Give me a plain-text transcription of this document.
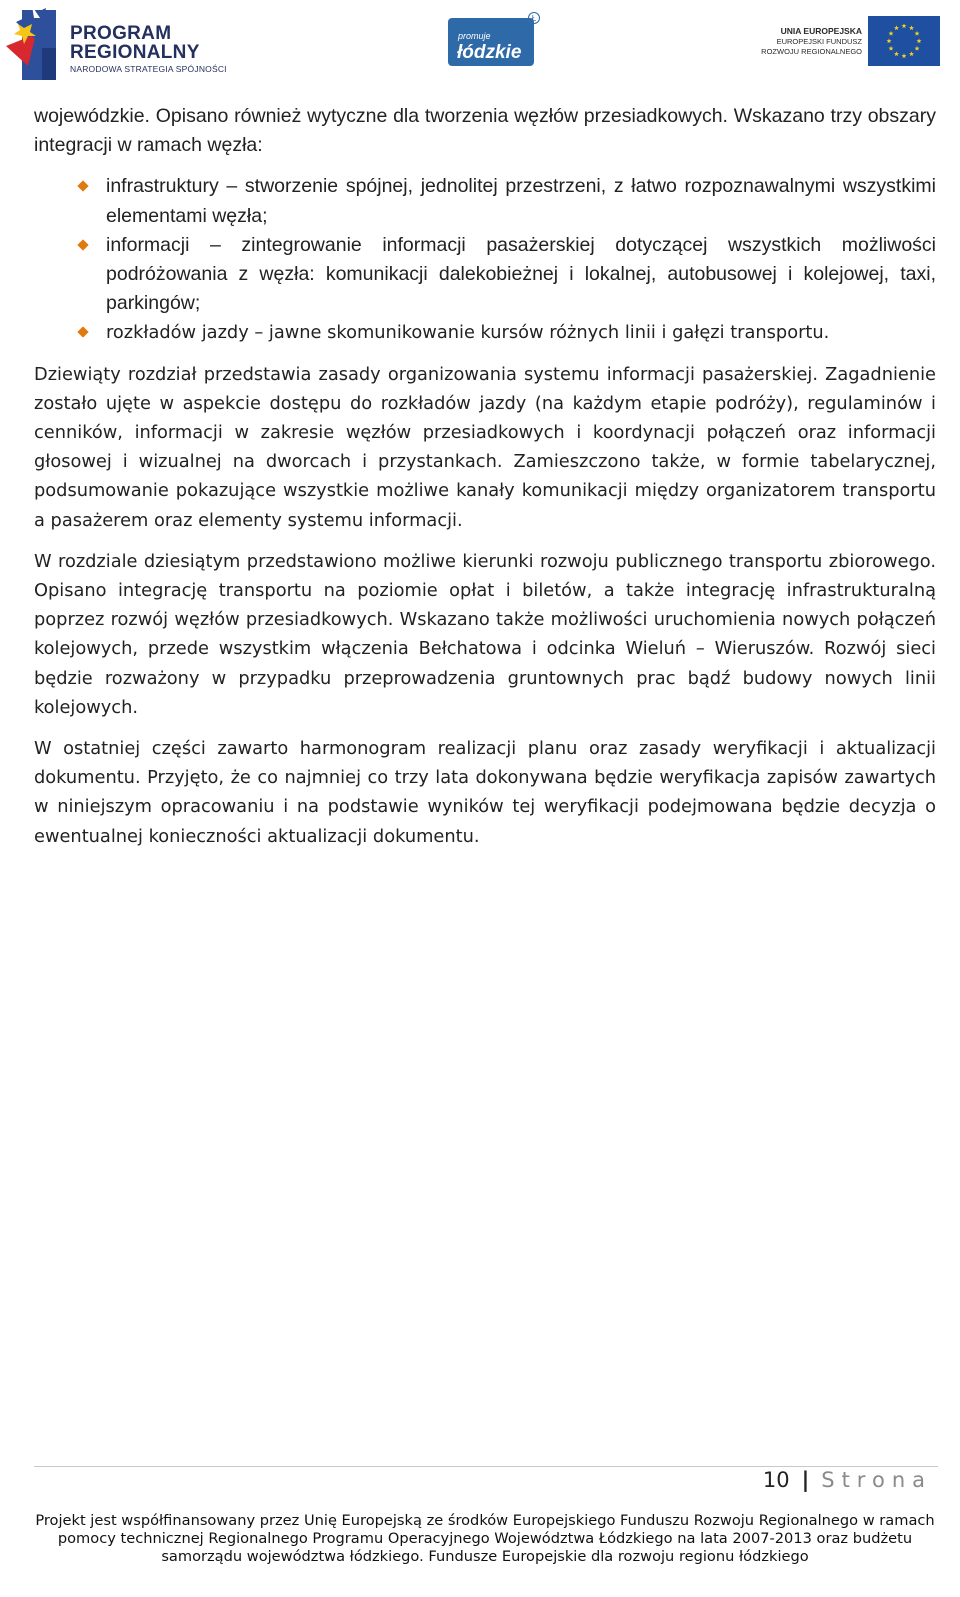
PROGRAM
REGIONALNY
NARODOWA STRATEGIA SPÓJNOŚCI
promuje
łódzkie
Ł
UNIA EUROPEJSKA
EUROPEJSKI FUNDUSZ
ROZWOJU REGIONALNEGO

wojewódzkie. Opisano również wytyczne dla tworzenia węzłów przesiadkowych. Wskazano trzy obszary integracji w ramach węzła:

infrastruktury – stworzenie spójnej, jednolitej przestrzeni, z łatwo rozpoznawalnymi wszystkimi elementami węzła;
informacji – zintegrowanie informacji pasażerskiej dotyczącej wszystkich możliwości podróżowania z węzła: komunikacji dalekobieżnej i lokalnej, autobusowej i kolejowej, taxi, parkingów;
rozkładów jazdy – jawne skomunikowanie kursów różnych linii i gałęzi transportu.

Dziewiąty rozdział przedstawia zasady organizowania systemu informacji pasażerskiej. Zagadnienie zostało ujęte w aspekcie dostępu do rozkładów jazdy (na każdym etapie podróży), regulaminów i cenników, informacji w zakresie węzłów przesiadkowych i koordynacji połączeń oraz informacji głosowej i wizualnej na dworcach i przystankach. Zamieszczono także, w formie tabelarycznej, podsumowanie pokazujące wszystkie możliwe kanały komunikacji między organizatorem transportu a pasażerem oraz elementy systemu informacji.

W rozdziale dziesiątym przedstawiono możliwe kierunki rozwoju publicznego transportu zbiorowego. Opisano integrację transportu na poziomie opłat i biletów, a także integrację infrastrukturalną poprzez rozwój węzłów przesiadkowych. Wskazano także możliwości uruchomienia nowych połączeń kolejowych, przede wszystkim włączenia Bełchatowa i odcinka Wieluń – Wieruszów. Rozwój sieci będzie rozważony w przypadku przeprowadzenia gruntownych prac bądź budowy nowych linii kolejowych.

W ostatniej części zawarto harmonogram realizacji planu oraz zasady weryfikacji i aktualizacji dokumentu. Przyjęto, że co najmniej co trzy lata dokonywana będzie weryfikacja zapisów zawartych w niniejszym opracowaniu i na podstawie wyników tej weryfikacji podejmowana będzie decyzja o ewentualnej konieczności aktualizacji dokumentu.

10 | Strona
Projekt jest współfinansowany przez Unię Europejską ze środków Europejskiego Funduszu Rozwoju Regionalnego w ramach
pomocy technicznej Regionalnego Programu Operacyjnego Województwa Łódzkiego na lata 2007-2013 oraz budżetu
samorządu województwa łódzkiego. Fundusze Europejskie dla rozwoju regionu łódzkiego
